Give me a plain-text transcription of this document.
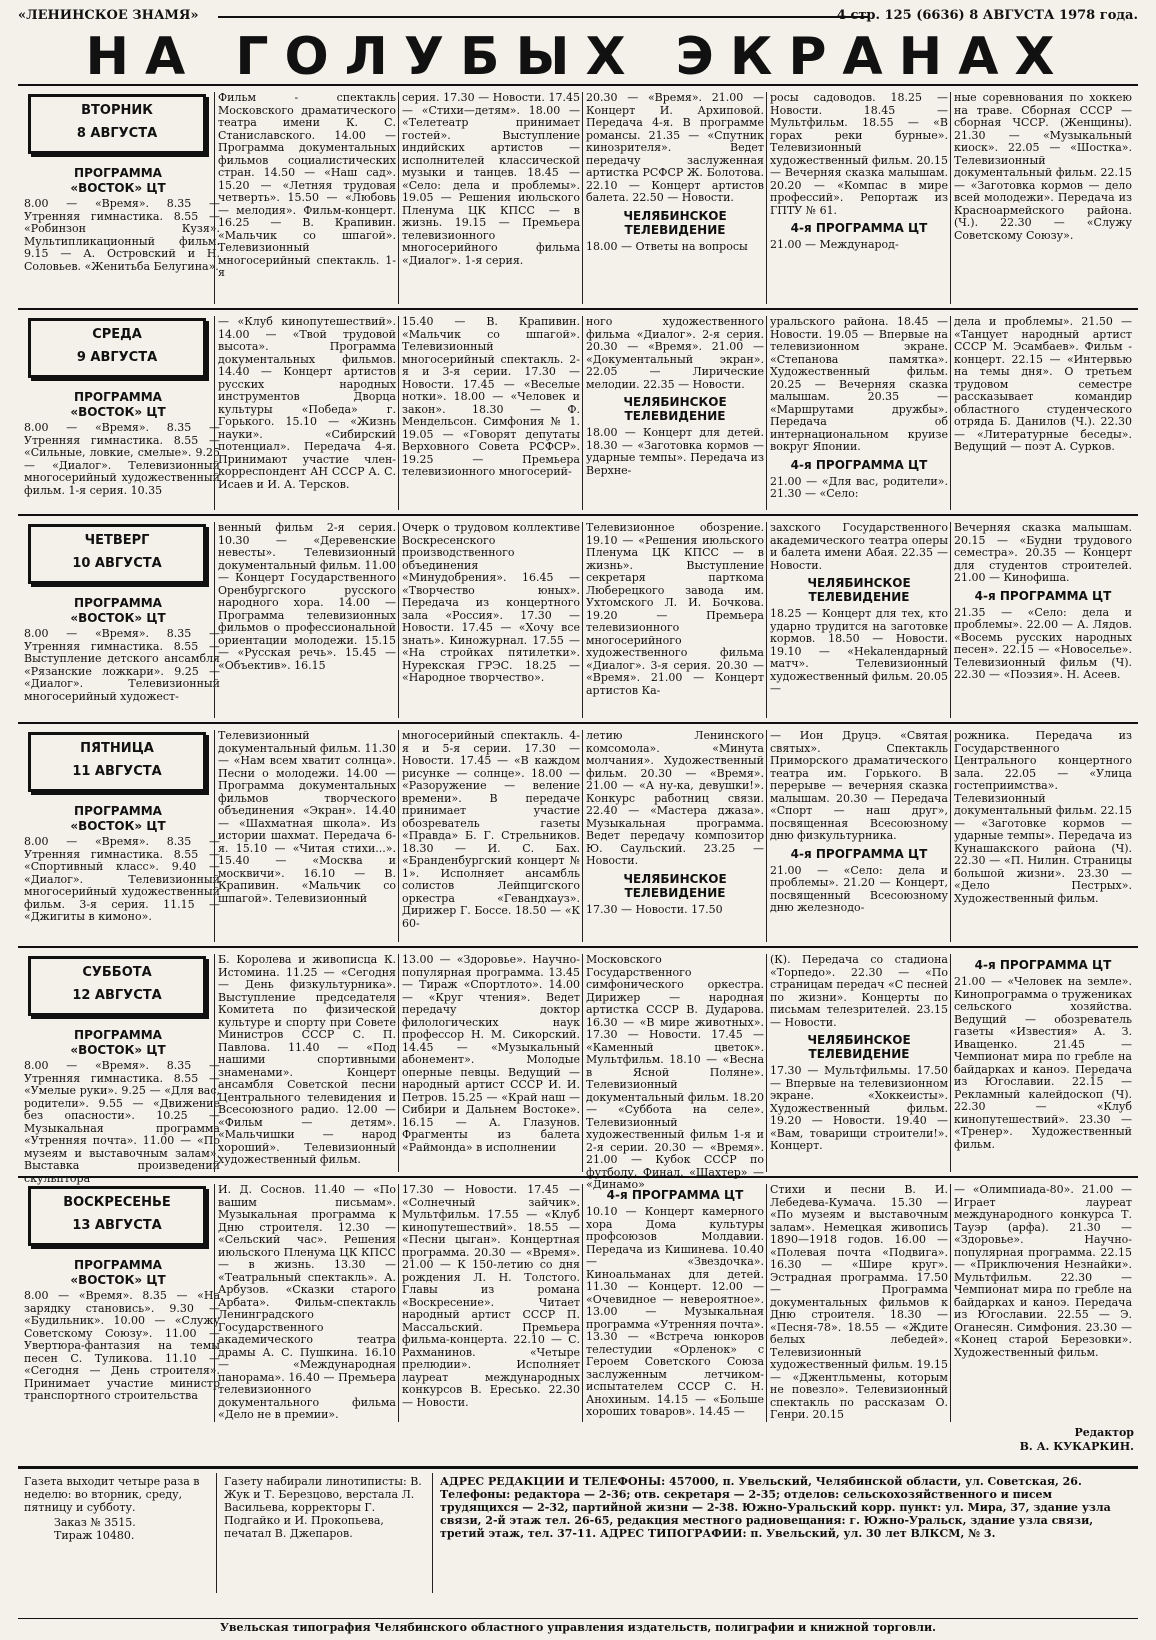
«ЛЕНИНСКОЕ ЗНАМЯ»	4 стр. 125 (6636) 8 АВГУСТА 1978 года.
НА ГОЛУБЫХ ЭКРАНАХ
ВТОРНИК
8 АВГУСТА
ПРОГРАММА
«ВОСТОК» ЦТ
8.00 — «Время». 8.35 — Утренняя гимнастика. 8.55 — «Робинзон Кузя». Мультипликационный фильм. 9.15 — А. Островский и Н. Соловьев. «Женитьба Белугина».
Фильм - спектакль Московского драматического театра имени К. С. Станиславского. 14.00 — Программа документальных фильмов социалистических стран. 14.50 — «Наш сад». 15.20 — «Летняя трудовая четверть». 15.50 — «Любовь — мелодия». Фильм-концерт. 16.25 — В. Крапивин. «Мальчик со шпагой». Телевизионный многосерийный спектакль. 1-я
серия. 17.30 — Новости. 17.45 — «Стихи—детям». 18.00 — «Телетеатр принимает гостей». Выступление индийских артистов — исполнителей классической музыки и танцев. 18.45 — «Село: дела и проблемы». 19.05 — Решения июльского Пленума ЦК КПСС — в жизнь. 19.15 — Премьера телевизионного многосерийного фильма «Диалог». 1-я серия.
20.30 — «Время». 21.00 — Концерт И. Архиповой. Передача 4-я. В программе романсы. 21.35 — «Спутник кинозрителя». Ведет передачу заслуженная артистка РСФСР Ж. Болотова. 22.10 — Концерт артистов балета. 22.50 — Новости.
ЧЕЛЯБИНСКОЕ ТЕЛЕВИДЕНИЕ
18.00 — Ответы на вопросы
росы садоводов. 18.25 — Новости. 18.45 — Мультфильм. 18.55 — «В горах реки бурные». Телевизионный художественный фильм. 20.15 — Вечерняя сказка малышам. 20.20 — «Компас в мире профессий». Репортаж из ГПТУ № 61.
4-я ПРОГРАММА ЦТ
21.00 — Международ-
ные соревнования по хоккею на траве. Сборная СССР — сборная ЧССР. (Женщины). 21.30 — «Музыкальный киоск». 22.05 — «Шостка». Телевизионный документальный фильм. 22.15 — «Заготовка кормов — дело всей молодежи». Передача из Красноармейского района. (Ч.). 22.30 — «Служу Советскому Союзу».
СРЕДА
9 АВГУСТА
ПРОГРАММА
«ВОСТОК» ЦТ
8.00 — «Время». 8.35 — Утренняя гимнастика. 8.55 — «Сильные, ловкие, смелые». 9.25 — «Диалог». Телевизионный многосерийный художественный фильм. 1-я серия. 10.35
— «Клуб кинопутешествий». 14.00 — «Твой трудовой высота». Программа документальных фильмов. 14.40 — Концерт артистов русских народных инструментов Дворца культуры «Победа» г. Горького. 15.10 — «Жизнь науки». «Сибирский потенциал». Передача 4-я. Принимают участие член-корреспондент АН СССР А. С. Исаев и И. А. Терсков.
15.40 — В. Крапивин. «Мальчик со шпагой». Телевизионный многосерийный спектакль. 2-я и 3-я серии. 17.30 — Новости. 17.45 — «Веселые нотки». 18.00 — «Человек и закон». 18.30 — Ф. Мендельсон. Симфония № 1. 19.05 — «Говорят депутаты Верховного Совета РСФСР». 19.25 — Премьера телевизионного многосерий-
ного художественного фильма «Диалог». 2-я серия. 20.30 — «Время». 21.00 — «Документальный экран». 22.05 — Лирические мелодии. 22.35 — Новости.
ЧЕЛЯБИНСКОЕ ТЕЛЕВИДЕНИЕ
18.00 — Концерт для детей. 18.30 — «Заготовка кормов — ударные темпы». Передача из Верхне-
уральского района. 18.45 — Новости. 19.05 — Впервые на телевизионном экране. «Степанова памятка». Художественный фильм. 20.25 — Вечерняя сказка малышам. 20.35 — «Маршрутами дружбы». Передача об интернациональном круизе вокруг Японии.
4-я ПРОГРАММА ЦТ
21.00 — «Для вас, родители». 21.30 — «Село:
дела и проблемы». 21.50 — «Танцует народный артист СССР М. Эсамбаев». Фильм - концерт. 22.15 — «Интервью на темы дня». О третьем трудовом семестре рассказывает командир областного студенческого отряда Б. Данилов (Ч.). 22.30 — «Литературные беседы». Ведущий — поэт А. Сурков.
ЧЕТВЕРГ
10 АВГУСТА
ПРОГРАММА
«ВОСТОК» ЦТ
8.00 — «Время». 8.35 — Утренняя гимнастика. 8.55 — Выступление детского ансамбля «Рязанские ложкари». 9.25 — «Диалог». Телевизионный многосерийный художест-
венный фильм 2-я серия. 10.30 — «Деревенские невесты». Телевизионный документальный фильм. 11.00 — Концерт Государственного Оренбургского русского народного хора. 14.00 — Программа телевизионных фильмов о профессиональной ориентации молодежи. 15.15 — «Русская речь». 15.45 — «Объектив». 16.15
Очерк о трудовом коллективе Воскресенского производственного объединения «Минудобрения». 16.45 — «Творчество юных». Передача из концертного зала «Россия». 17.30 — Новости. 17.45 — «Хочу все знать». Киножурнал. 17.55 — «На стройках пятилетки». Нурекская ГРЭС. 18.25 — «Народное творчество».
Телевизионное обозрение. 19.10 — «Решения июльского Пленума ЦК КПСС — в жизнь». Выступление секретаря парткома Люберецкого завода им. Ухтомского Л. И. Бочкова. 19.20 — Премьера телевизионного многосерийного художественного фильма «Диалог». 3-я серия. 20.30 — «Время». 21.00 — Концерт артистов Ка-
захского Государственного академического театра оперы и балета имени Абая. 22.35 — Новости.
ЧЕЛЯБИНСКОЕ ТЕЛЕВИДЕНИЕ
18.25 — Концерт для тех, кто ударно трудится на заготовке кормов. 18.50 — Новости. 19.10 — «Неkaлендарный матч». Телевизионный художественный фильм. 20.05 —
Вечерняя сказка малышам. 20.15 — «Будни трудового семестра». 20.35 — Концерт для студентов строителей. 21.00 — Кинофиша.
4-я ПРОГРАММА ЦТ
21.35 — «Село: дела и проблемы». 22.00 — А. Лядов. «Восемь русских народных песен». 22.15 — «Новоселье». Телевизионный фильм (Ч). 22.30 — «Поэзия». Н. Асеев.
ПЯТНИЦА
11 АВГУСТА
ПРОГРАММА
«ВОСТОК» ЦТ
8.00 — «Время». 8.35 — Утренняя гимнастика. 8.55 — «Спортивный класс». 9.40 — «Диалог». Телевизионный многосерийный художественный фильм. 3-я серия. 11.15 — «Джигиты в кимоно».
Телевизионный документальный фильм. 11.30 — «Нам всем хватит солнца». Песни о молодежи. 14.00 — Программа документальных фильмов творческого объединения «Экран». 14.40 — «Шахматная школа». Из истории шахмат. Передача 6-я. 15.10 — «Читая стихи...». 15.40 — «Москва и москвичи». 16.10 — В. Крапивин. «Мальчик со шпагой». Телевизионный
многосерийный спектакль. 4-я и 5-я серии. 17.30 — Новости. 17.45 — «В каждом рисунке — солнце». 18.00 — «Разоружение — веление времени». В передаче принимает участие обозреватель газеты «Правда» Б. Г. Стрельников. 18.30 — И. С. Бах. «Бранденбургский концерт № 1». Исполняет ансамбль солистов Лейпцигского оркестра «Гевандхауз». Дирижер Г. Боссе. 18.50 — «К 60-
летию Ленинского комсомола». «Минута молчания». Художественный фильм. 20.30 — «Время». 21.00 — «А ну-ка, девушки!». Конкурс работниц связи. 22.40 — «Мастера джаза». Музыкальная программа. Ведет передачу композитор Ю. Саульский. 23.25 — Новости.
ЧЕЛЯБИНСКОЕ ТЕЛЕВИДЕНИЕ
17.30 — Новости. 17.50
— Ион Друцэ. «Святая святых». Спектакль Приморского драматического театра им. Горького. В перерыве — вечерняя сказка малышам. 20.30 — Передача «Спорт — наш друг», посвященная Всесоюзному дню физкультурника.
4-я ПРОГРАММА ЦТ
21.00 — «Село: дела и проблемы». 21.20 — Концерт, посвященный Всесоюзному дню железнодо-
рожника. Передача из Государственного Центрального концертного зала. 22.05 — «Улица гостеприимства». Телевизионный документальный фильм. 22.15 — «Заготовке кормов — ударные темпы». Передача из Кунашакского района (Ч). 22.30 — «П. Нилин. Страницы большой жизни». 23.30 — «Дело Пестрых». Художественный фильм.
СУББОТА
12 АВГУСТА
ПРОГРАММА
«ВОСТОК» ЦТ
8.00 — «Время». 8.35 — Утренняя гимнастика. 8.55 — «Умелые руки». 9.25 — «Для вас, родители». 9.55 — «Движение без опасности». 10.25 — Музыкальная программа «Утренняя почта». 11.00 — «По музеям и выставочным залам». Выставка произведений скульптора
Б. Королева и живописца К. Истомина. 11.25 — «Сегодня — День физкультурника». Выступление председателя Комитета по физической культуре и спорту при Совете Министров СССР С. П. Павлова. 11.40 — «Под нашими спортивными знаменами». Концерт ансамбля Советской песни Центрального телевидения и Всесоюзного радио. 12.00 — «Фильм — детям». «Мальчишки — народ хороший». Телевизионный художественный фильм.
13.00 — «Здоровье». Научно-популярная программа. 13.45 — Тираж «Спортлото». 14.00 — «Круг чтения». Ведет передачу доктор филологических наук профессор Н. М. Сикорский. 14.45 — «Музыкальный абонемент». Молодые оперные певцы. Ведущий — народный артист СССР И. И. Петров. 15.25 — «Край наш — Сибири и Дальнем Востоке». 16.15 — А. Глазунов. Фрагменты из балета «Раймонда» в исполнении
Московского Государственного симфонического оркестра. Дирижер — народная артистка СССР В. Дударова. 16.30 — «В мире животных». 17.30 — Новости. 17.45 — «Каменный цветок». Мультфильм. 18.10 — «Весна в Ясной Поляне». Телевизионный документальный фильм. 18.20 — «Суббота на селе». Телевизионный художественный фильм 1-я и 2-я серии. 20.30 — «Время». 21.00 — Кубок СССР по футболу. Финал. «Шахтер» — «Динамо»
(К). Передача со стадиона «Торпедо». 22.30 — «По страницам передач «С песней по жизни». Концерты по письмам телезрителей. 23.15 — Новости.
ЧЕЛЯБИНСКОЕ ТЕЛЕВИДЕНИЕ
17.30 — Мультфильмы. 17.50 — Впервые на телевизионном экране. «Хоккеисты». Художественный фильм. 19.20 — Новости. 19.40 — «Вам, товарищи строители!». Концерт.
4-я ПРОГРАММА ЦТ
21.00 — «Человек на земле». Кинопрограмма о тружениках сельского хозяйства. Ведущий — обозреватель газеты «Известия» А. З. Иващенко. 21.45 — Чемпионат мира по гребле на байдарках и каноэ. Передача из Югославии. 22.15 — Рекламный калейдоскоп (Ч). 22.30 — «Клуб кинопутешествий». 23.30 — «Тренер». Художественный фильм.
ВОСКРЕСЕНЬЕ
13 АВГУСТА
ПРОГРАММА
«ВОСТОК» ЦТ
8.00 — «Время». 8.35 — «На зарядку становись». 9.30 — «Будильник». 10.00 — «Служу Советскому Союзу». 11.00 — Увертюра-фантазия на темы песен С. Туликова. 11.10 — «Сегодня — День строителя». Принимает участие министр транспортного строительства
И. Д. Соснов. 11.40 — «По вашим письмам». Музыкальная программа к Дню строителя. 12.30 — «Сельский час». Решения июльского Пленума ЦК КПСС — в жизнь. 13.30 — «Театральный спектакль». А. Арбузов. «Сказки старого Арбата». Фильм-спектакль Ленинградского Государственного академического театра драмы А. С. Пушкина. 16.10 — «Международная панорама». 16.40 — Премьера телевизионного документального фильма «Дело не в премии».
17.30 — Новости. 17.45 — «Солнечный зайчик». Мультфильм. 17.55 — «Клуб кинопутешествий». 18.55 — «Песни цыган». Концертная программа. 20.30 — «Время». 21.00 — К 150-летию со дня рождения Л. Н. Толстого. Главы из романа «Воскресение». Читает народный артист СССР П. Массальский. Премьера фильма-концерта. 22.10 — С. Рахманинов. «Четыре прелюдии». Исполняет лауреат международных конкурсов В. Ересько. 22.30 — Новости.
4-я ПРОГРАММА ЦТ
10.10 — Концерт камерного хора Дома культуры профсоюзов Молдавии. Передача из Кишинева. 10.40 — «Звездочка». Киноальманах для детей. 11.30 — Концерт. 12.00 — «Очевидное — невероятное». 13.00 — Музыкальная программа «Утренняя почта». 13.30 — «Встреча юнкоров телестудии «Орленок» с Героем Советского Союза заслуженным летчиком-испытателем СССР С. Н. Анохиным. 14.15 — «Больше хороших товаров». 14.45 —
Стихи и песни В. И. Лебедева-Кумача. 15.30 — «По музеям и выставочным залам». Немецкая живопись 1890—1918 годов. 16.00 — «Полевая почта «Подвига». 16.30 — «Шире круг». Эстрадная программа. 17.50 — Программа документальных фильмов к Дню строителя. 18.30 — «Песня-78». 18.55 — «Ждите белых лебедей». Телевизионный художественный фильм. 19.15 — «Джентльмены, которым не повезло». Телевизионный спектакль по рассказам О. Генри. 20.15
— «Олимпиада-80». 21.00 — Играет лауреат международного конкурса Т. Тауэр (арфа). 21.30 — «Здоровье». Научно-популярная программа. 22.15 — «Приключения Незнайки». Мультфильм. 22.30 — Чемпионат мира по гребле на байдарках и каноэ. Передача из Югославии. 22.55 — Э. Оганесян. Симфония. 23.30 — «Конец старой Березовки». Художественный фильм.
Редактор
В. А. КУКАРКИН.
Газета выходит четыре раза в неделю: во вторник, среду, пятницу и субботу.
Заказ № 3515.
Тираж 10480.
Газету набирали линотиписты: В. Жук и Т. Березцово, верстала Л. Васильева, корректоры Г. Подгайко и И. Прокопьева, печатал В. Джепаров.
АДРЕС РЕДАКЦИИ И ТЕЛЕФОНЫ: 457000, п. Увельский, Челябинской области, ул. Советская, 26. Телефоны: редактора — 2-36; отв. секретаря — 2-35; отделов: сельскохозяйственного и писем трудящихся — 2-32, партийной жизни — 2-38. Южно-Уральский корр. пункт: ул. Мира, 37, здание узла связи, 2-й этаж тел. 26-65, редакция местного радиовещания: г. Южно-Уральск, здание узла связи, третий этаж, тел. 37-11. АДРЕС ТИПОГРАФИИ: п. Увельский, ул. 30 лет ВЛКСМ, № 3.
Увельская типография Челябинского областного управления издательств, полиграфии и книжной торговли.
